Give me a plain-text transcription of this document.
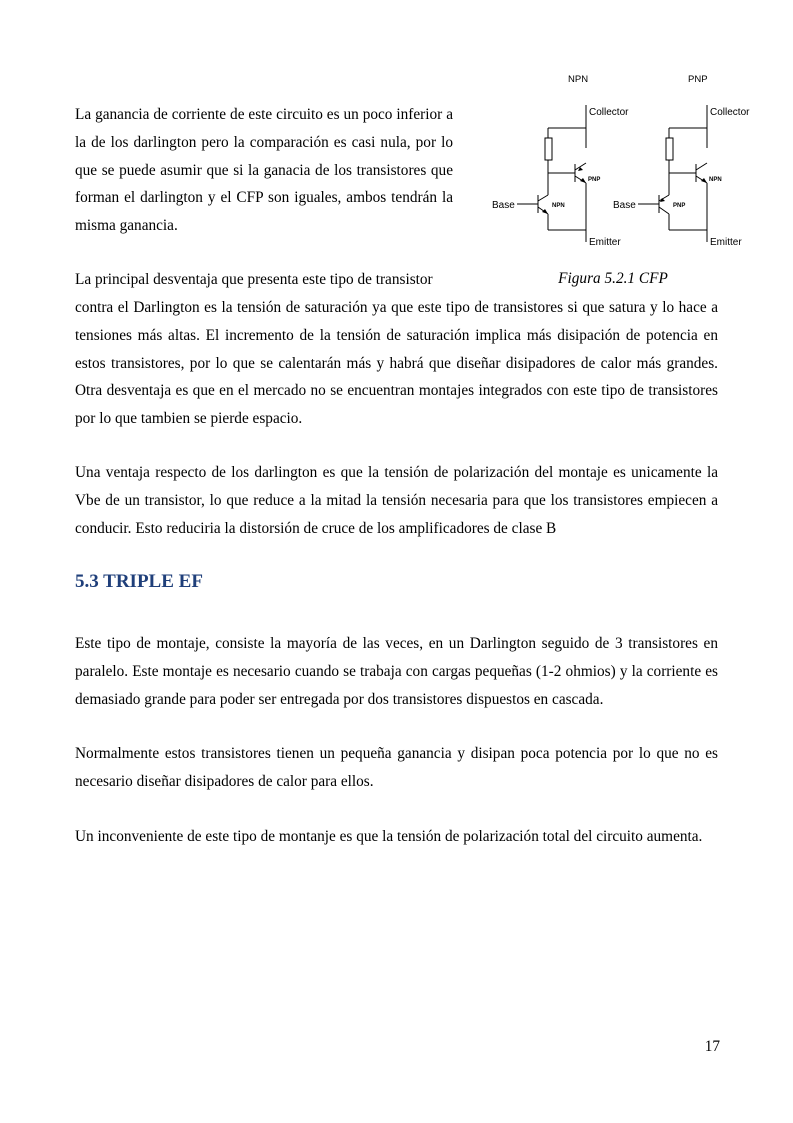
La ganancia de corriente de este circuito es un poco inferior a la de los darlington pero la comparación es casi nula, por lo que se puede asumir que si la ganacia de los transistores que forman el darlington y el CFP son iguales, ambos tendrán la misma ganancia.

NPN	PNP
Collector	Collector
Emitter	Emitter
Base	Base
PNP
NPN
NPN
PNP

La principal desventaja que presenta este tipo de transistor	Figura 5.2.1 CFP

contra el Darlington es la tensión de saturación ya que este tipo de transistores si que satura y lo hace a tensiones más altas. El incremento de la tensión de saturación implica más disipación de potencia en estos transistores, por lo que se calentarán más y habrá que diseñar disipadores de calor más grandes. Otra desventaja es que en el mercado no se encuentran montajes integrados con este tipo de transistores por lo que tambien se pierde espacio.

Una ventaja respecto de los darlington es que la tensión de polarización del montaje es unicamente la Vbe de un transistor, lo que reduce a la mitad la tensión necesaria para que los transistores empiecen a conducir. Esto reduciria la distorsión de cruce de los amplificadores de clase B

5.3 TRIPLE EF

Este tipo de montaje, consiste la mayoría de las veces, en un Darlington seguido de 3 transistores en paralelo. Este montaje es necesario cuando se trabaja con cargas pequeñas (1-2 ohmios) y la corriente es demasiado grande para poder ser entregada por dos transistores dispuestos en cascada.

Normalmente estos transistores tienen un pequeña ganancia y disipan poca potencia por lo que no es necesario diseñar disipadores de calor para ellos.

Un inconveniente de este tipo de montanje es que la tensión de polarización total del circuito aumenta.

17
